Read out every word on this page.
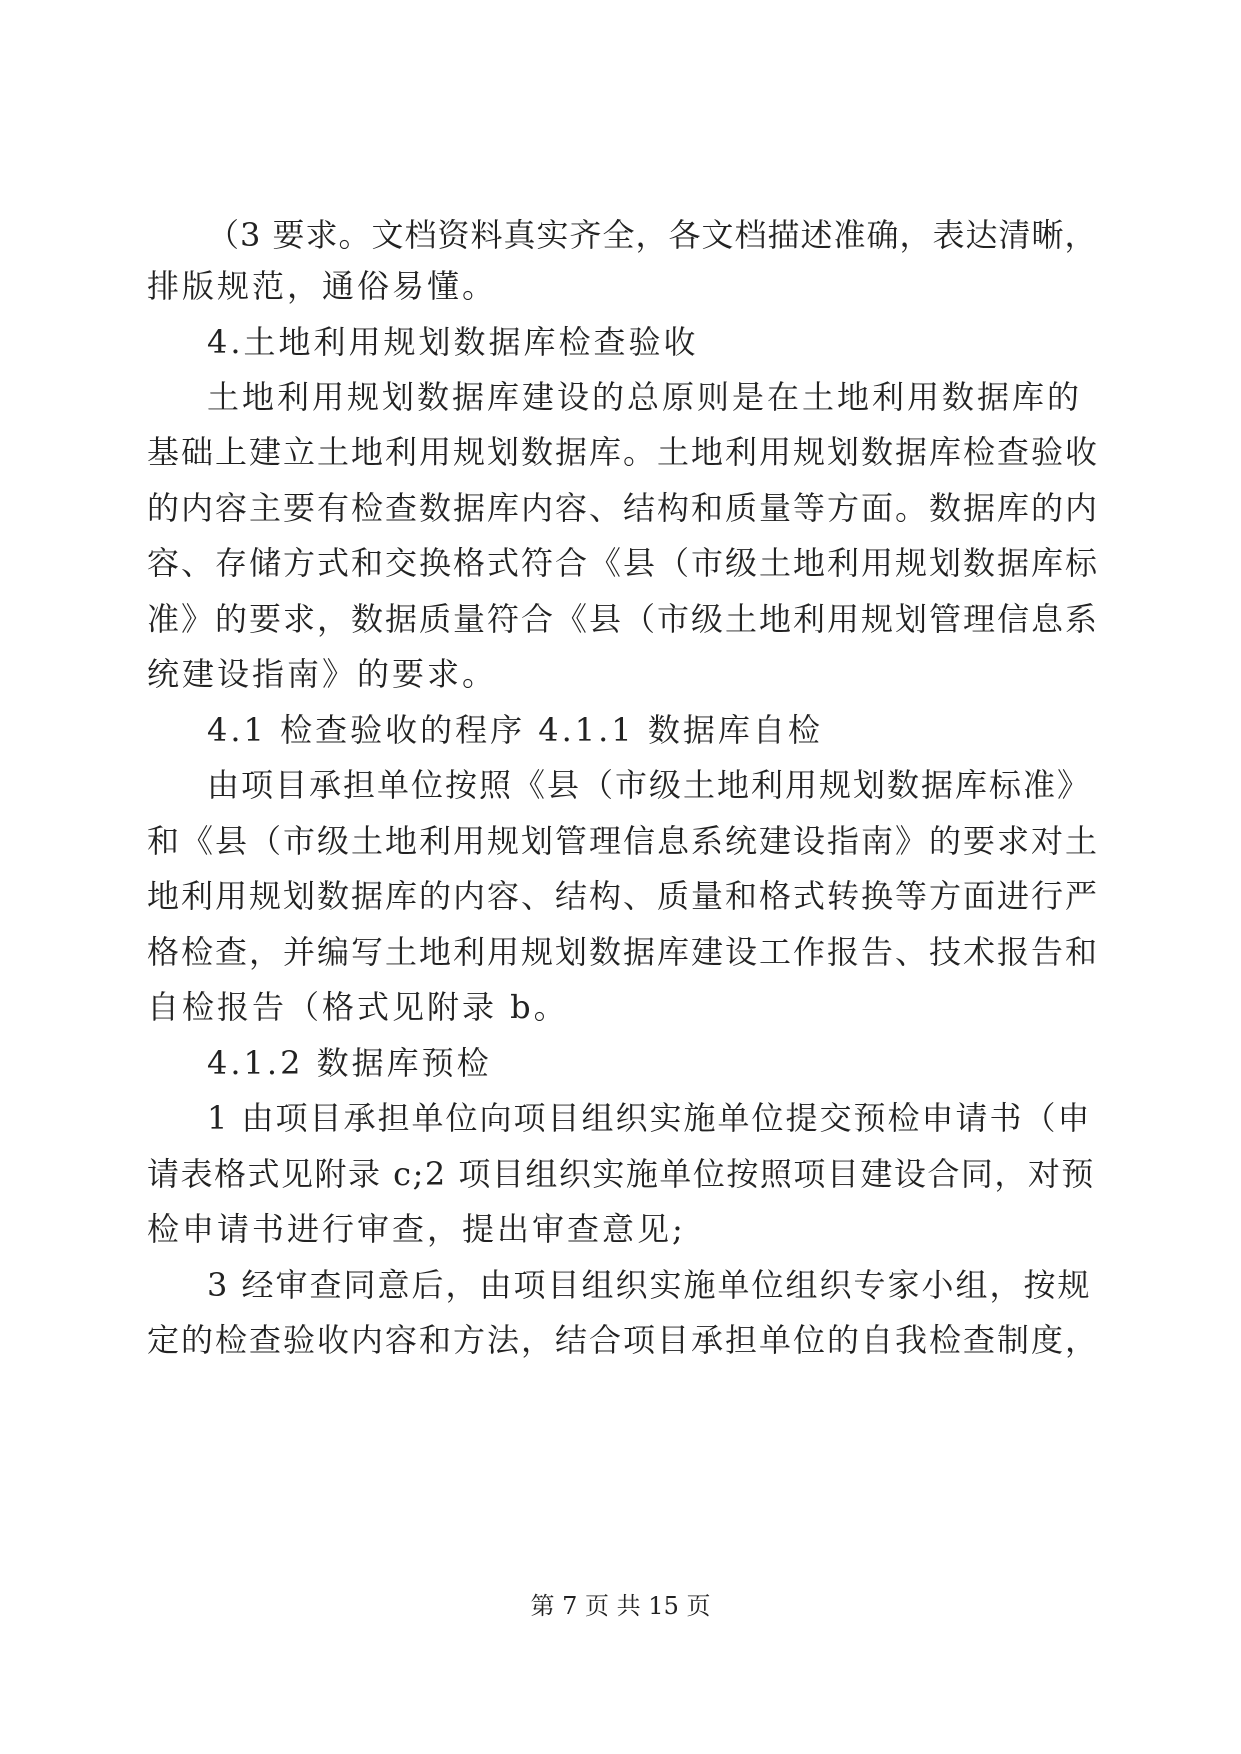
（3 要求。文档资料真实齐全，各文档描述准确，表达清晰，
排版规范，通俗易懂。
4.土地利用规划数据库检查验收
土地利用规划数据库建设的总原则是在土地利用数据库的
基础上建立土地利用规划数据库。土地利用规划数据库检查验收
的内容主要有检查数据库内容、结构和质量等方面。数据库的内
容、存储方式和交换格式符合《县（市级土地利用规划数据库标
准》的要求，数据质量符合《县（市级土地利用规划管理信息系
统建设指南》的要求。
4.1 检查验收的程序 4.1.1 数据库自检
由项目承担单位按照《县（市级土地利用规划数据库标准》
和《县（市级土地利用规划管理信息系统建设指南》的要求对土
地利用规划数据库的内容、结构、质量和格式转换等方面进行严
格检查，并编写土地利用规划数据库建设工作报告、技术报告和
自检报告（格式见附录 b。
4.1.2 数据库预检
1 由项目承担单位向项目组织实施单位提交预检申请书（申
请表格式见附录 c;2 项目组织实施单位按照项目建设合同，对预
检申请书进行审查，提出审查意见;
3 经审查同意后，由项目组织实施单位组织专家小组，按规
定的检查验收内容和方法，结合项目承担单位的自我检查制度，
第 7 页 共 15 页
